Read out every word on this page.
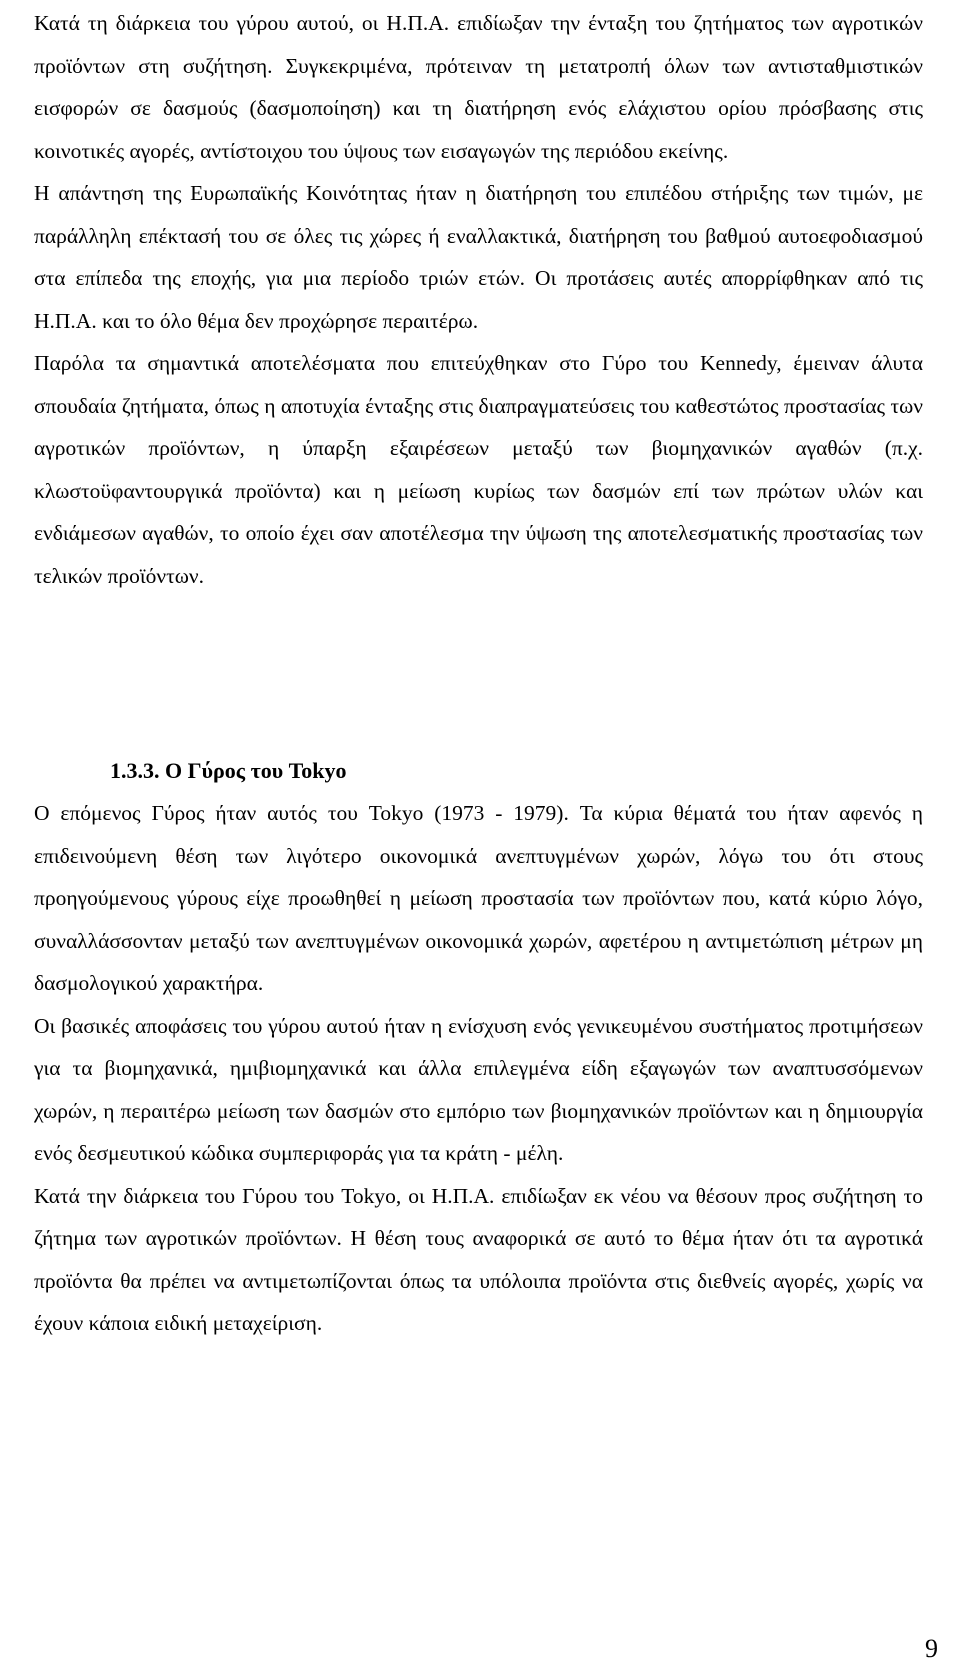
Κατά τη διάρκεια του γύρου αυτού, οι Η.Π.Α. επιδίωξαν την ένταξη του ζητήματος των αγροτικών προϊόντων στη συζήτηση. Συγκεκριμένα, πρότειναν τη μετατροπή όλων των αντισταθμιστικών εισφορών σε δασμούς (δασμοποίηση) και τη διατήρηση ενός ελάχιστου ορίου πρόσβασης στις κοινοτικές αγορές, αντίστοιχου του ύψους των εισαγωγών της περιόδου εκείνης.

Η απάντηση της Ευρωπαϊκής Κοινότητας ήταν η διατήρηση του επιπέδου στήριξης των τιμών, με παράλληλη επέκτασή του σε όλες τις χώρες ή εναλλακτικά, διατήρηση του βαθμού αυτοεφοδιασμού στα επίπεδα της εποχής, για μια περίοδο τριών ετών. Οι προτάσεις αυτές απορρίφθηκαν από τις Η.Π.Α. και το όλο θέμα δεν προχώρησε περαιτέρω.

Παρόλα τα σημαντικά αποτελέσματα που επιτεύχθηκαν στο Γύρο του Kennedy, έμειναν άλυτα σπουδαία ζητήματα, όπως η αποτυχία ένταξης στις διαπραγματεύσεις του καθεστώτος προστασίας των αγροτικών προϊόντων, η ύπαρξη εξαιρέσεων μεταξύ των βιομηχανικών αγαθών (π.χ. κλωστοϋφαντουργικά προϊόντα) και η μείωση κυρίως των δασμών επί των πρώτων υλών και ενδιάμεσων αγαθών, το οποίο έχει σαν αποτέλεσμα την ύψωση της αποτελεσματικής προστασίας των τελικών προϊόντων.

1.3.3. Ο Γύρος του Tokyo

Ο επόμενος Γύρος ήταν αυτός του Tokyo (1973 - 1979). Τα κύρια θέματά του ήταν αφενός η επιδεινούμενη θέση των λιγότερο οικονομικά ανεπτυγμένων χωρών, λόγω του ότι στους προηγούμενους γύρους είχε προωθηθεί η μείωση προστασία των προϊόντων που, κατά κύριο λόγο, συναλλάσσονταν μεταξύ των ανεπτυγμένων οικονομικά χωρών, αφετέρου η αντιμετώπιση μέτρων μη δασμολογικού χαρακτήρα.

Οι βασικές αποφάσεις του γύρου αυτού ήταν η ενίσχυση ενός γενικευμένου συστήματος προτιμήσεων για τα βιομηχανικά, ημιβιομηχανικά και άλλα επιλεγμένα είδη εξαγωγών των αναπτυσσόμενων χωρών, η περαιτέρω μείωση των δασμών στο εμπόριο των βιομηχανικών προϊόντων και η δημιουργία ενός δεσμευτικού κώδικα συμπεριφοράς για τα κράτη - μέλη.

Κατά την διάρκεια του Γύρου του Tokyo, οι Η.Π.Α. επιδίωξαν εκ νέου να θέσουν προς συζήτηση το ζήτημα των αγροτικών προϊόντων. Η θέση τους αναφορικά σε αυτό το θέμα ήταν ότι τα αγροτικά προϊόντα θα πρέπει να αντιμετωπίζονται όπως τα υπόλοιπα προϊόντα στις διεθνείς αγορές, χωρίς να έχουν κάποια ειδική μεταχείριση.

9
